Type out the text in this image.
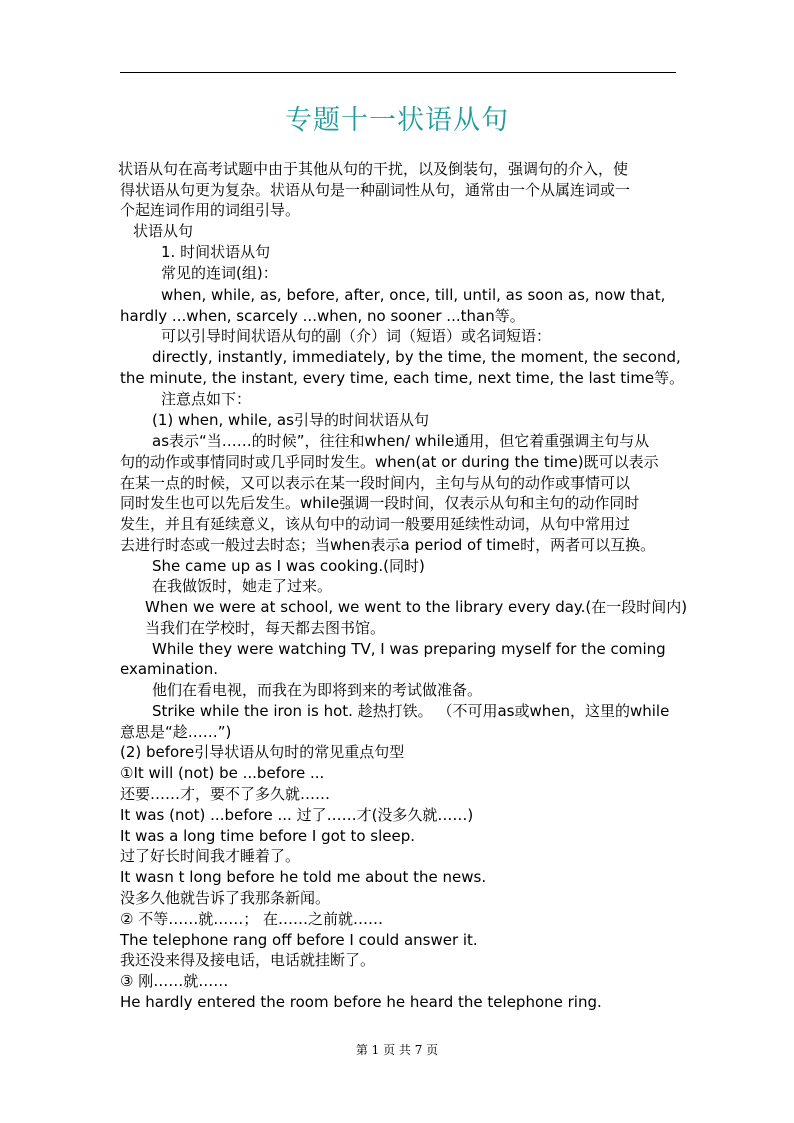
专题十一状语从句
状语从句在高考试题中由于其他从句的干扰，以及倒装句，强调句的介入，使
得状语从句更为复杂。状语从句是一种副词性从句，通常由一个从属连词或一
个起连词作用的词组引导。
状语从句
1. 时间状语从句
常见的连词(组)：
when, while, as, before, after, once, till, until, as soon as, now that,
hardly ...when, scarcely ...when, no sooner ...than等。
可以引导时间状语从句的副（介）词（短语）或名词短语：
directly, instantly, immediately, by the time, the moment, the second,
the minute, the instant, every time, each time, next time, the last time等。
注意点如下：
(1) when, while, as引导的时间状语从句
as表示“当……的时候”，往往和when/ while通用，但它着重强调主句与从
句的动作或事情同时或几乎同时发生。when(at or during the time)既可以表示
在某一点的时候，又可以表示在某一段时间内，主句与从句的动作或事情可以
同时发生也可以先后发生。while强调一段时间，仅表示从句和主句的动作同时
发生，并且有延续意义，该从句中的动词一般要用延续性动词，从句中常用过
去进行时态或一般过去时态；当when表示a period of time时，两者可以互换。
She came up as I was cooking.(同时)
在我做饭时，她走了过来。
When we were at school, we went to the library every day.(在一段时间内)
当我们在学校时，每天都去图书馆。
While they were watching TV, I was preparing myself for the coming
examination.
他们在看电视，而我在为即将到来的考试做准备。
Strike while the iron is hot. 趁热打铁。 （不可用as或when，这里的while
意思是“趁……”)
(2) before引导状语从句时的常见重点句型
①It will (not) be ...before ...
还要……才，要不了多久就……
It was (not) ...before ... 过了……才(没多久就……)
It was a long time before I got to sleep.
过了好长时间我才睡着了。
It wasn t long before he told me about the news.
没多久他就告诉了我那条新闻。
② 不等……就……； 在……之前就……
The telephone rang off before I could answer it.
我还没来得及接电话，电话就挂断了。
③ 刚……就……
He hardly entered the room before he heard the telephone ring.
第 1 页 共 7 页
